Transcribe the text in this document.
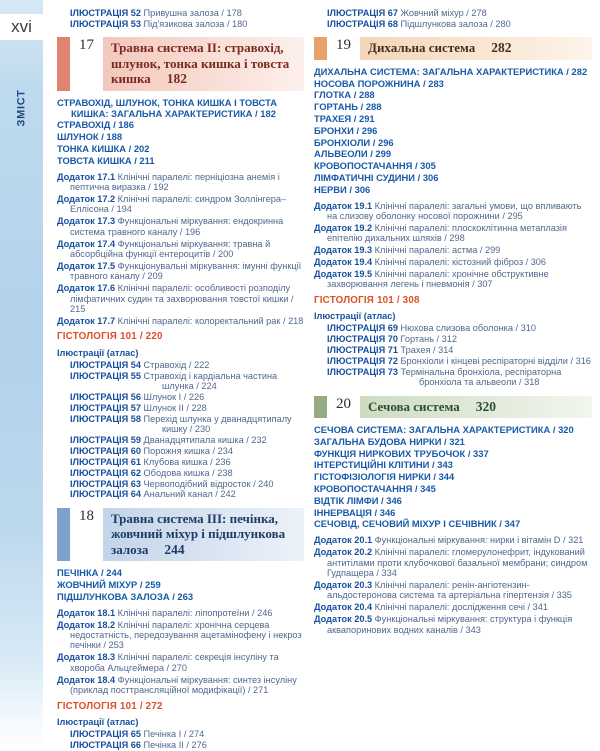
ЗМІСТ
xvi
ІЛЮСТРАЦІЯ 52 Привушна залоза / 178
ІЛЮСТРАЦІЯ 53 Під'язикова залоза / 180
17	Травна система II: стравохід, шлунок, тонка кишка і товста кишка 182
СТРАВОХІД, ШЛУНОК, ТОНКА КИШКА І ТОВСТА КИШКА: ЗАГАЛЬНА ХАРАКТЕРИСТИКА / 182
СТРАВОХІД / 186
ШЛУНОК / 188
ТОНКА КИШКА / 202
ТОВСТА КИШКА / 211
Додаток 17.1 Клінічні паралелі: перніціозна анемія і пептична виразка / 192
Додаток 17.2 Клінічні паралелі: синдром Золлінгера–Еллісона / 194
Додаток 17.3 Функціональні міркування: ендокринна система травного каналу / 196
Додаток 17.4 Функціональні міркування: травна й абсорбційна функції ентероцитів / 200
Додаток 17.5 Функціонувальні міркування: імунні функції травного каналу / 209
Додаток 17.6 Клінічні паралелі: особливості розподілу лімфатичних судин та захворювання товстої кишки / 215
Додаток 17.7 Клінічні паралелі: колоректальний рак / 218
ГІСТОЛОГІЯ 101 / 220
Ілюстрації (атлас)
ІЛЮСТРАЦІЯ 54 Стравохід / 222
ІЛЮСТРАЦІЯ 55 Стравохід і кардіальна частина шлунка / 224
ІЛЮСТРАЦІЯ 56 Шлунок I / 226
ІЛЮСТРАЦІЯ 57 Шлунок II / 228
ІЛЮСТРАЦІЯ 58 Перехід шлунка у дванадцятипалу кишку / 230
ІЛЮСТРАЦІЯ 59 Дванадцятипала кишка / 232
ІЛЮСТРАЦІЯ 60 Порожня кишка / 234
ІЛЮСТРАЦІЯ 61 Клубова кишка / 236
ІЛЮСТРАЦІЯ 62 Ободова кишка / 238
ІЛЮСТРАЦІЯ 63 Червоподібний відросток / 240
ІЛЮСТРАЦІЯ 64 Анальний канал / 242
18	Травна система III: печінка, жовчний міхур і підшлункова залоза 244
ПЕЧІНКА / 244
ЖОВЧНИЙ МІХУР / 259
ПІДШЛУНКОВА ЗАЛОЗА / 263
Додаток 18.1 Клінічні паралелі: ліпопротеїни / 246
Додаток 18.2 Клінічні паралелі: хронічна серцева недостатність, передозування ацетамінофену і некроз печінки / 253
Додаток 18.3 Клінічні паралелі: секреція інсуліну та хвороба Альцгеймера / 270
Додаток 18.4 Функціональні міркування: синтез інсуліну (приклад посттрансляційної модифікації) / 271
ГІСТОЛОГІЯ 101 / 272
Ілюстрації (атлас)
ІЛЮСТРАЦІЯ 65 Печінка I / 274
ІЛЮСТРАЦІЯ 66 Печінка II / 276
ІЛЮСТРАЦІЯ 67 Жовчний міхур / 278
ІЛЮСТРАЦІЯ 68 Підшлункова залоза / 280
19	Дихальна система 282
ДИХАЛЬНА СИСТЕМА: ЗАГАЛЬНА ХАРАКТЕРИСТИКА / 282
НОСОВА ПОРОЖНИНА / 283
ГЛОТКА / 288
ГОРТАНЬ / 288
ТРАХЕЯ / 291
БРОНХИ / 296
БРОНХІОЛИ / 296
АЛЬВЕОЛИ / 299
КРОВОПОСТАЧАННЯ / 305
ЛІМФАТИЧНІ СУДИНИ / 306
НЕРВИ / 306
Додаток 19.1 Клінічні паралелі: загальні умови, що впливають на слизову оболонку носової порожнини / 295
Додаток 19.2 Клінічні паралелі: плоскоклітинна метаплазія епітелію дихальних шляхів / 298
Додаток 19.3 Клінічні паралелі: астма / 299
Додаток 19.4 Клінічні паралелі: кістозний фіброз / 306
Додаток 19.5 Клінічні паралелі: хронічне обструктивне захворювання легень і пневмонія / 307
ГІСТОЛОГІЯ 101 / 308
Ілюстрації (атлас)
ІЛЮСТРАЦІЯ 69 Нюхова слизова оболонка / 310
ІЛЮСТРАЦІЯ 70 Гортань / 312
ІЛЮСТРАЦІЯ 71 Трахея / 314
ІЛЮСТРАЦІЯ 72 Бронхіоли і кінцеві респіраторні відділи / 316
ІЛЮСТРАЦІЯ 73 Термінальна бронхіола, респіраторна бронхіола та альвеоли / 318
20	Сечова система 320
СЕЧОВА СИСТЕМА: ЗАГАЛЬНА ХАРАКТЕРИСТИКА / 320
ЗАГАЛЬНА БУДОВА НИРКИ / 321
ФУНКЦІЯ НИРКОВИХ ТРУБОЧОК / 337
ІНТЕРСТИЦІЙНІ КЛІТИНИ / 343
ГІСТОФІЗІОЛОГІЯ НИРКИ / 344
КРОВОПОСТАЧАННЯ / 345
ВІДТІК ЛІМФИ / 346
ІННЕРВАЦІЯ / 346
СЕЧОВІД, СЕЧОВИЙ МІХУР І СЕЧІВНИК / 347
Додаток 20.1 Функціональні міркування: нирки і вітамін D / 321
Додаток 20.2 Клінічні паралелі: гломерулонефрит, індукований антитілами проти клубочкової базальної мембрани; синдром Гудпащера / 334
Додаток 20.3 Клінічні паралелі: ренін-ангіотензин-альдостеронова система та артеріальна гіпертензія / 335
Додаток 20.4 Клінічні паралелі: дослідження сечі / 341
Додаток 20.5 Функціональні міркування: структура і функція аквапоринових водних каналів / 343
